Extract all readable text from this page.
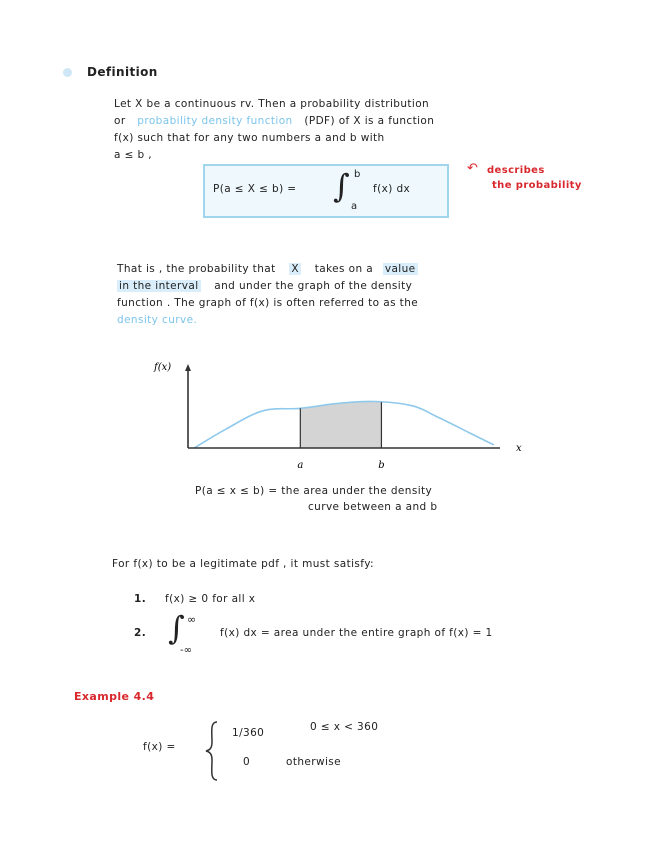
Definition
Let X be a continuous rv. Then a probability distribution
or probability density function (PDF) of X is a function
f(x) such that for any two numbers a and b with
a ≤ b ,
P(a ≤ X ≤ b) = ∫ b
a
f(x) dx
↶ describes
the probability
That is , the probability that X takes on a value
in the interval and under the graph of the density
function . The graph of f(x) is often referred to as the
density curve.
f(x)
x
a	b
P(a ≤ x ≤ b) = the area under the density
curve between a and b
For f(x) to be a legitimate pdf , it must satisfy:
1. f(x) ≥ 0 for all x
2. ∫ ∞
-∞
f(x) dx = area under the entire graph of f(x) = 1
Example 4.4
f(x) =
1/360	0 ≤ x < 360
0	otherwise
